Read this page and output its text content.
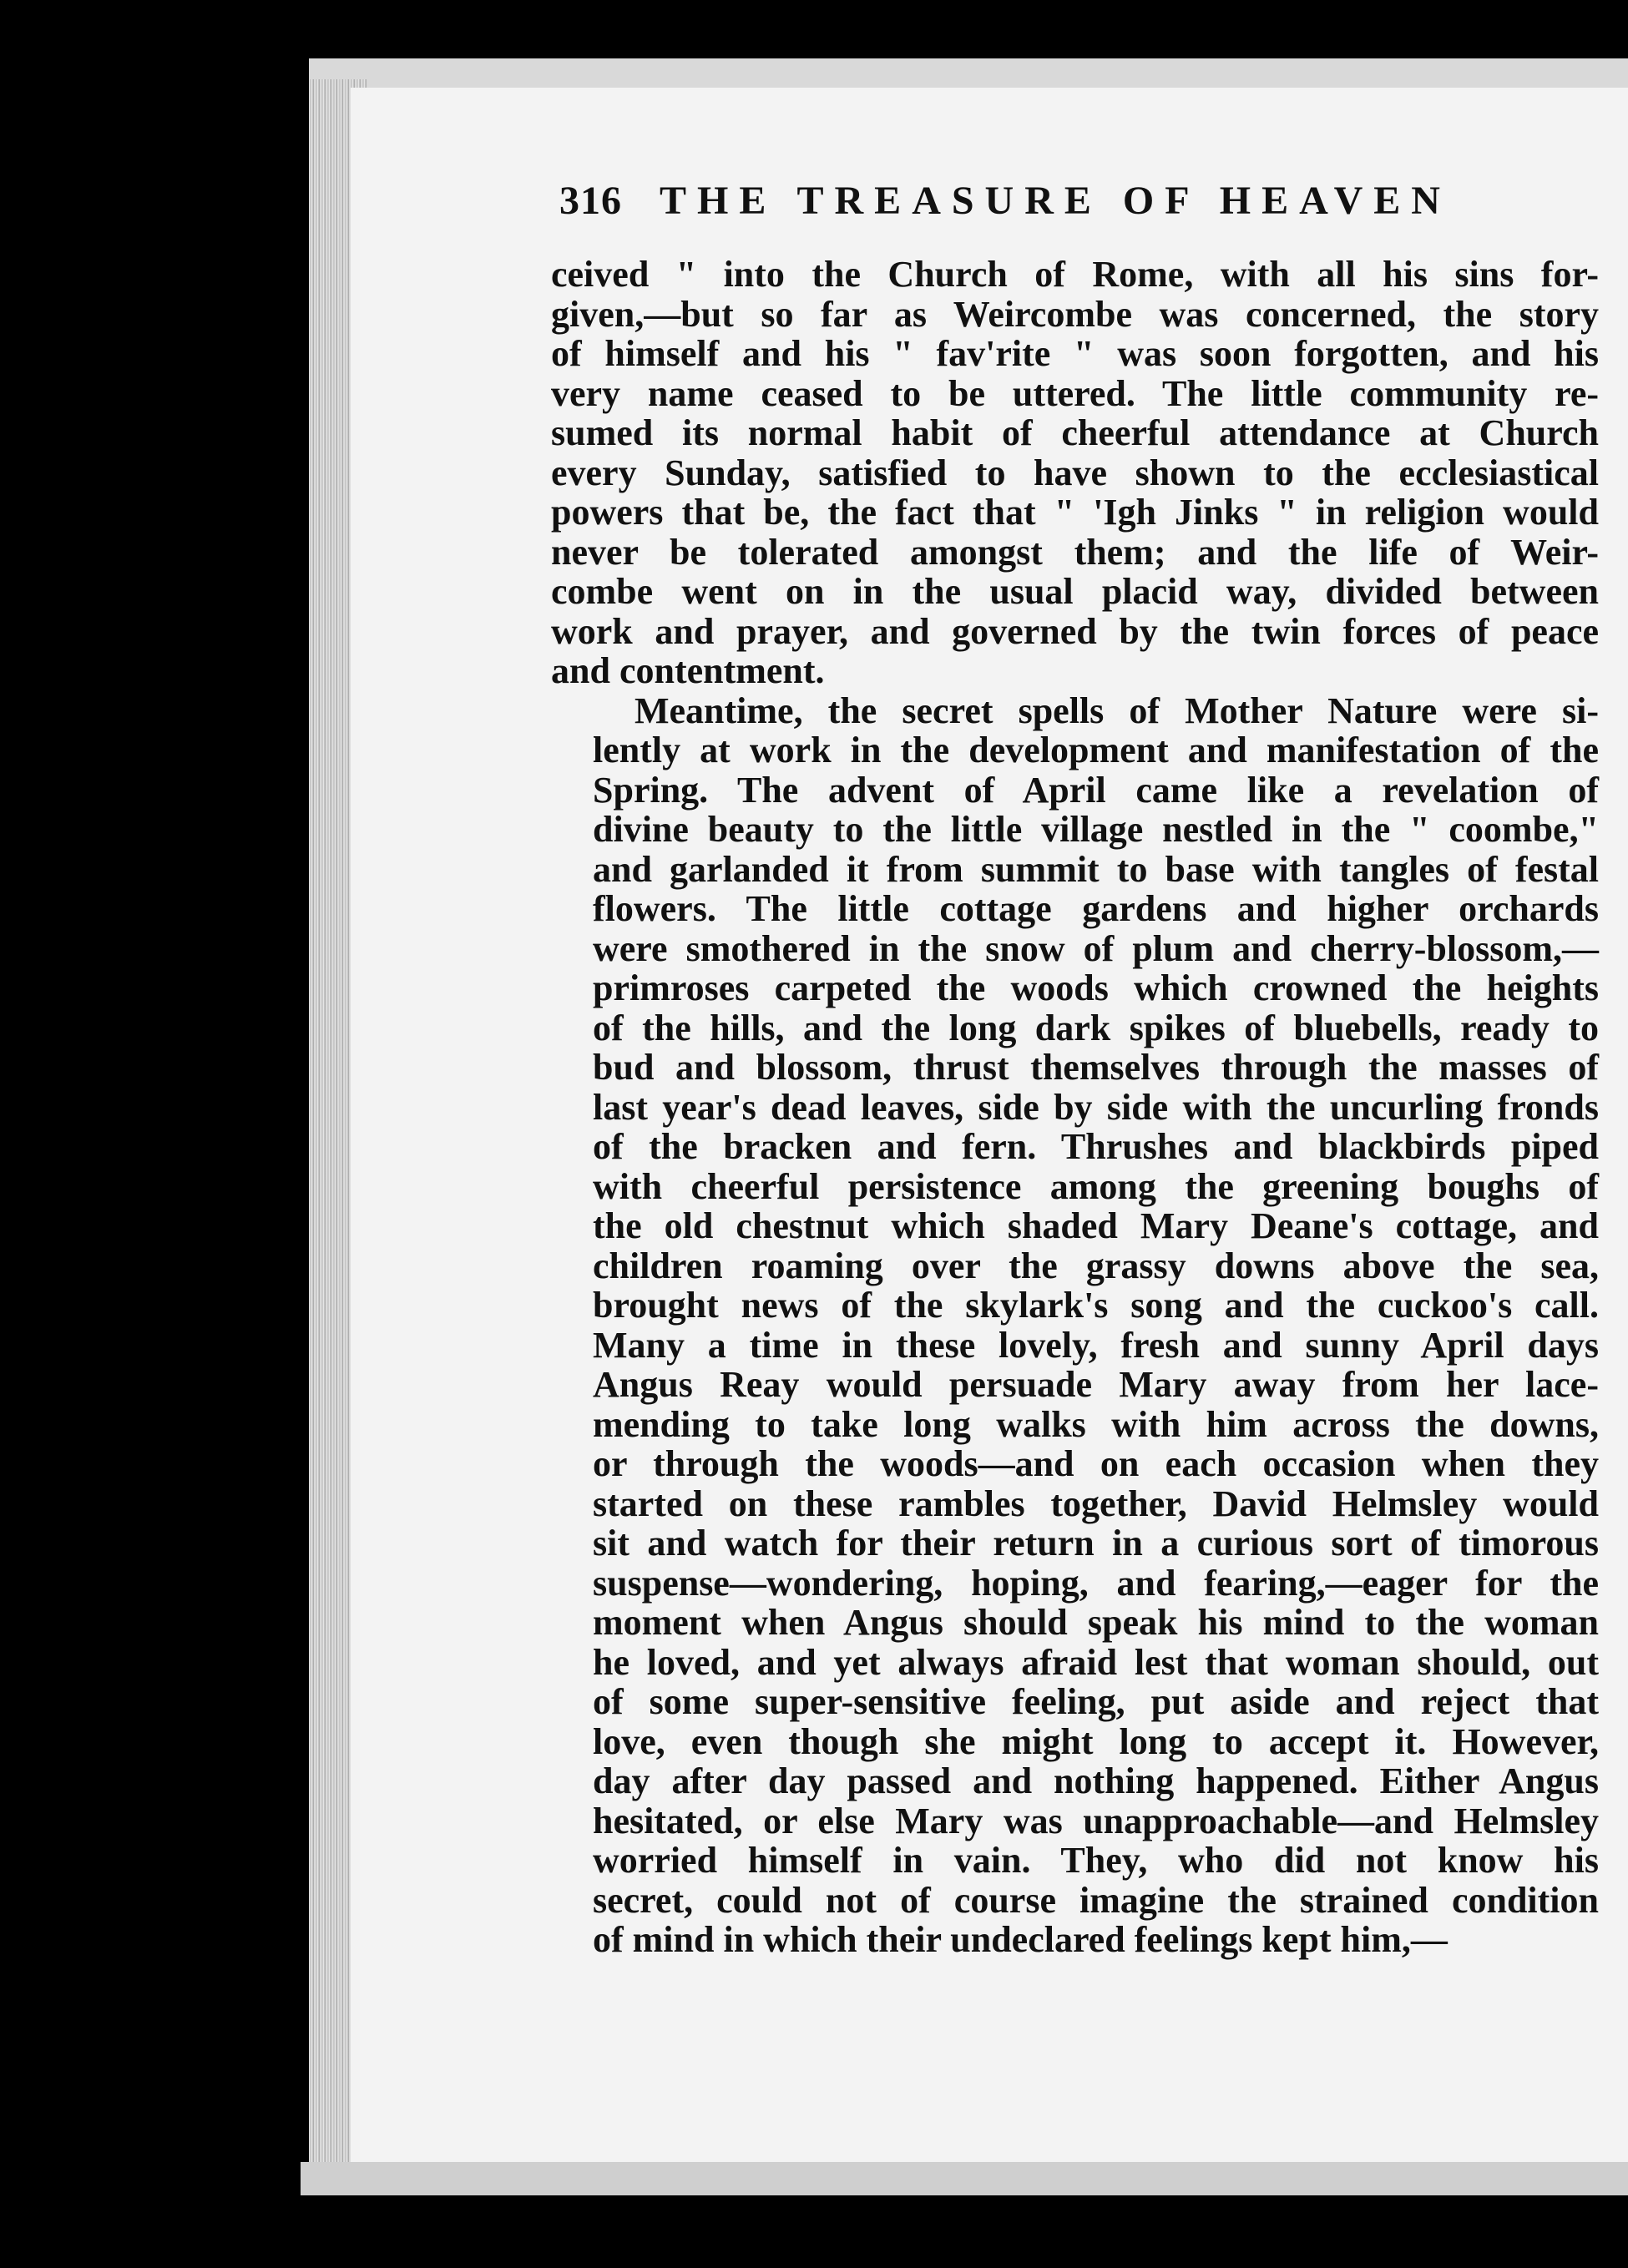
316 THE TREASURE OF HEAVEN
ceived " into the Church of Rome, with all his sins for-
given,—but so far as Weircombe was concerned, the story
of himself and his " fav'rite " was soon forgotten, and his
very name ceased to be uttered. The little community re-
sumed its normal habit of cheerful attendance at Church
every Sunday, satisfied to have shown to the ecclesiastical
powers that be, the fact that " 'Igh Jinks " in religion would
never be tolerated amongst them; and the life of Weir-
combe went on in the usual placid way, divided between
work and prayer, and governed by the twin forces of peace
and contentment.
Meantime, the secret spells of Mother Nature were si-
lently at work in the development and manifestation of the
Spring. The advent of April came like a revelation of
divine beauty to the little village nestled in the " coombe,"
and garlanded it from summit to base with tangles of festal
flowers. The little cottage gardens and higher orchards
were smothered in the snow of plum and cherry-blossom,—
primroses carpeted the woods which crowned the heights
of the hills, and the long dark spikes of bluebells, ready to
bud and blossom, thrust themselves through the masses of
last year's dead leaves, side by side with the uncurling fronds
of the bracken and fern. Thrushes and blackbirds piped
with cheerful persistence among the greening boughs of
the old chestnut which shaded Mary Deane's cottage, and
children roaming over the grassy downs above the sea,
brought news of the skylark's song and the cuckoo's call.
Many a time in these lovely, fresh and sunny April days
Angus Reay would persuade Mary away from her lace-
mending to take long walks with him across the downs,
or through the woods—and on each occasion when they
started on these rambles together, David Helmsley would
sit and watch for their return in a curious sort of timorous
suspense—wondering, hoping, and fearing,—eager for the
moment when Angus should speak his mind to the woman
he loved, and yet always afraid lest that woman should, out
of some super-sensitive feeling, put aside and reject that
love, even though she might long to accept it. However,
day after day passed and nothing happened. Either Angus
hesitated, or else Mary was unapproachable—and Helmsley
worried himself in vain. They, who did not know his
secret, could not of course imagine the strained condition
of mind in which their undeclared feelings kept him,—
